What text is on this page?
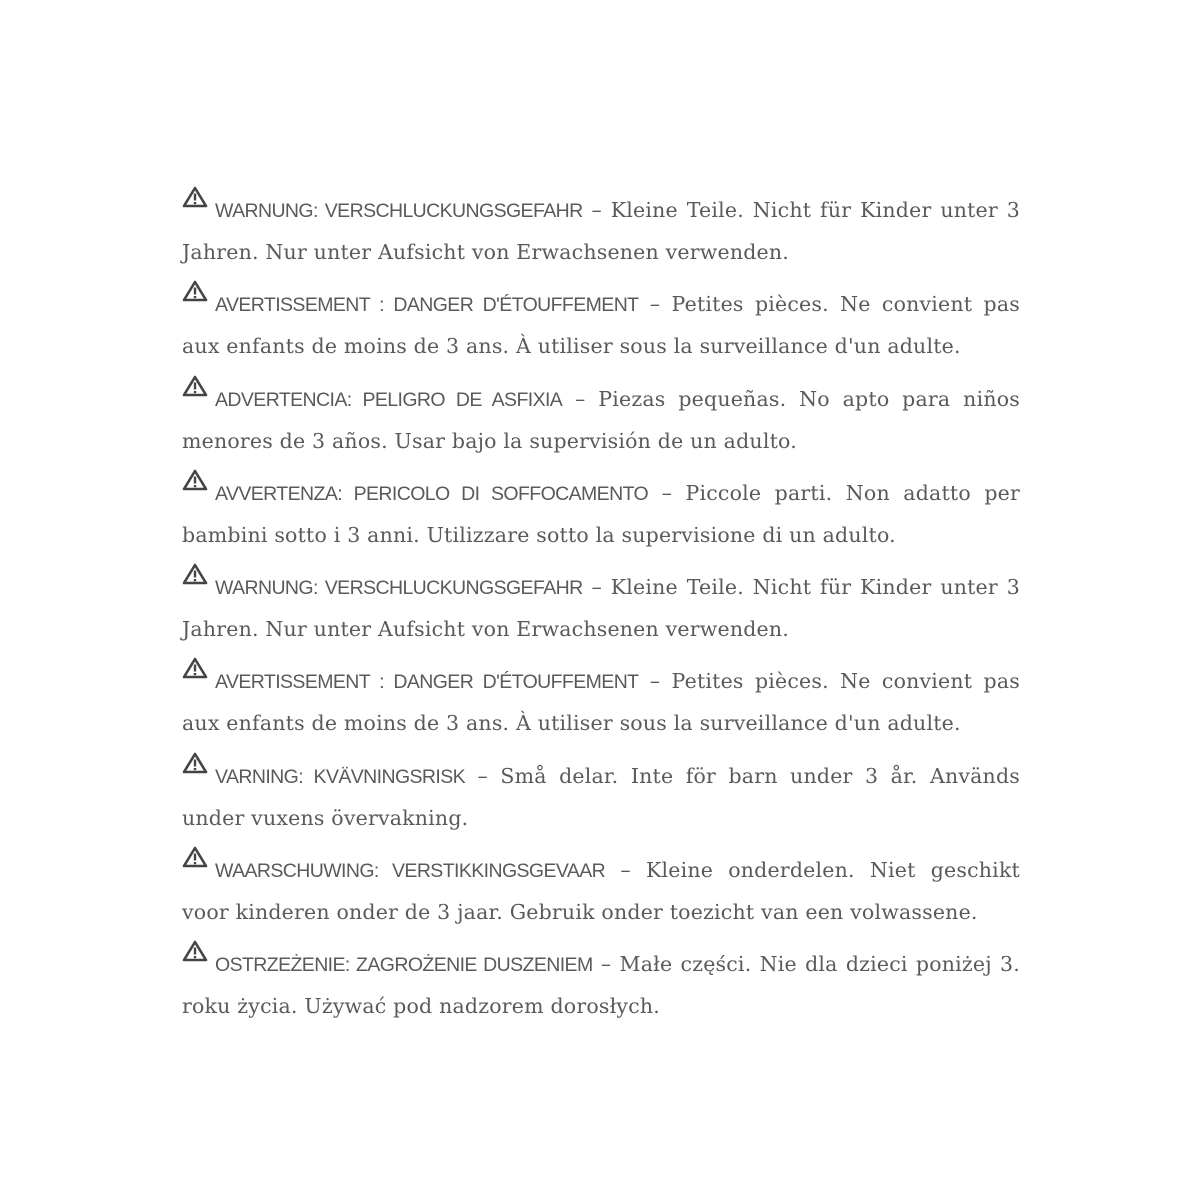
WARNUNG: VERSCHLUCKUNGSGEFAHR – Kleine Teile. Nicht für Kinder unter 3 Jahren. Nur unter Aufsicht von Erwachsenen verwenden.
AVERTISSEMENT : DANGER D'ÉTOUFFEMENT – Petites pièces. Ne convient pas aux enfants de moins de 3 ans. À utiliser sous la surveillance d'un adulte.
ADVERTENCIA: PELIGRO DE ASFIXIA – Piezas pequeñas. No apto para niños menores de 3 años. Usar bajo la supervisión de un adulto.
AVVERTENZA: PERICOLO DI SOFFOCAMENTO – Piccole parti. Non adatto per bambini sotto i 3 anni. Utilizzare sotto la supervisione di un adulto.
WARNUNG: VERSCHLUCKUNGSGEFAHR – Kleine Teile. Nicht für Kinder unter 3 Jahren. Nur unter Aufsicht von Erwachsenen verwenden.
AVERTISSEMENT : DANGER D'ÉTOUFFEMENT – Petites pièces. Ne convient pas aux enfants de moins de 3 ans. À utiliser sous la surveillance d'un adulte.
VARNING: KVÄVNINGSRISK – Små delar. Inte för barn under 3 år. Används under vuxens övervakning.
WAARSCHUWING: VERSTIKKINGSGEVAAR – Kleine onderdelen. Niet geschikt voor kinderen onder de 3 jaar. Gebruik onder toezicht van een volwassene.
OSTRZEŻENIE: ZAGROŻENIE DUSZENIEM – Małe części. Nie dla dzieci poniżej 3. roku życia. Używać pod nadzorem dorosłych.
